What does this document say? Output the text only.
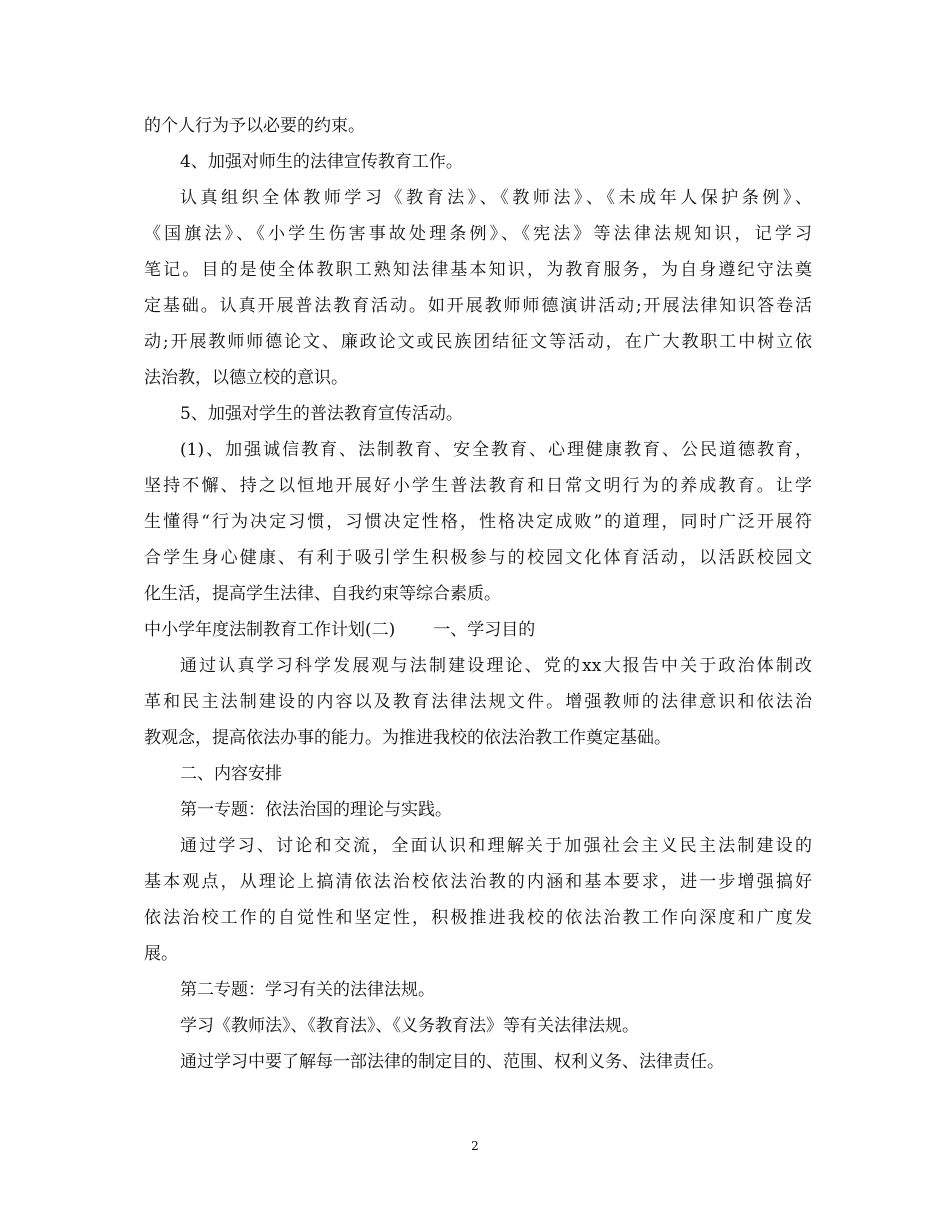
的个人行为予以必要的约束。
4、加强对师生的法律宣传教育工作。
认真组织全体教师学习《教育法》、《教师法》、《未成年人保护条例》、
《国旗法》、《小学生伤害事故处理条例》、《宪法》等法律法规知识，记学习
笔记。目的是使全体教职工熟知法律基本知识，为教育服务，为自身遵纪守法奠
定基础。认真开展普法教育活动。如开展教师师德演讲活动;开展法律知识答卷活
动;开展教师师德论文、廉政论文或民族团结征文等活动，在广大教职工中树立依
法治教，以德立校的意识。
5、加强对学生的普法教育宣传活动。
(1)、加强诚信教育、法制教育、安全教育、心理健康教育、公民道德教育，
坚持不懈、持之以恒地开展好小学生普法教育和日常文明行为的养成教育。让学
生懂得“行为决定习惯，习惯决定性格，性格决定成败”的道理，同时广泛开展符
合学生身心健康、有利于吸引学生积极参与的校园文化体育活动，以活跃校园文
化生活，提高学生法律、自我约束等综合素质。
中小学年度法制教育工作计划(二) 一、学习目的
通过认真学习科学发展观与法制建设理论、党的xx大报告中关于政治体制改
革和民主法制建设的内容以及教育法律法规文件。增强教师的法律意识和依法治
教观念，提高依法办事的能力。为推进我校的依法治教工作奠定基础。
二、内容安排
第一专题：依法治国的理论与实践。
通过学习、讨论和交流，全面认识和理解关于加强社会主义民主法制建设的
基本观点，从理论上搞清依法治校依法治教的内涵和基本要求，进一步增强搞好
依法治校工作的自觉性和坚定性，积极推进我校的依法治教工作向深度和广度发
展。
第二专题：学习有关的法律法规。
学习《教师法》、《教育法》、《义务教育法》等有关法律法规。
通过学习中要了解每一部法律的制定目的、范围、权利义务、法律责任。
2
